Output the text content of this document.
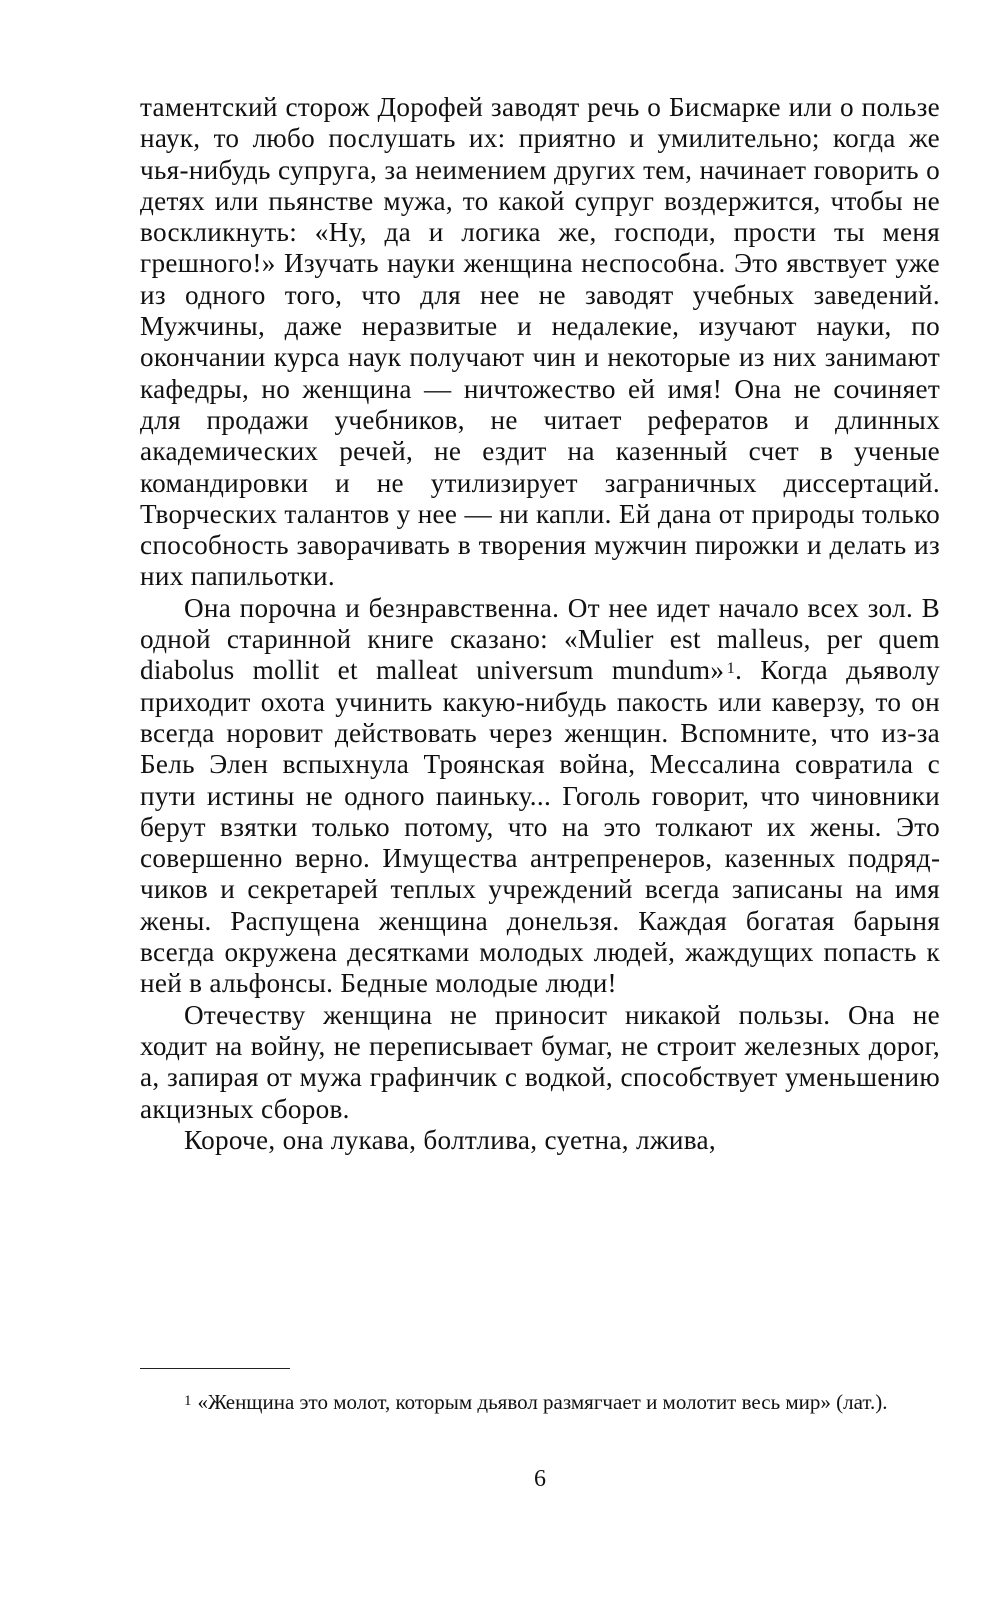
таментский сторож Дорофей заводят речь о Бисмарке или о пользе наук, то любо послушать их: приятно и умилительно; когда же чья-нибудь супруга, за неимением других тем, начинает говорить о детях или пьянстве мужа, то какой супруг воздержится, чтобы не воскликнуть: «Ну, да и логика же, господи, прости ты меня грешного!» Изучать науки женщина неспособна. Это явствует уже из одного того, что для нее не заводят учебных заведений. Мужчины, даже неразвитые и недалекие, изучают науки, по окончании курса наук получают чин и некоторые из них занимают кафедры, но женщина — ничтожество ей имя! Она не сочиняет для продажи учебников, не читает рефератов и длинных академических речей, не ездит на казенный счет в ученые командировки и не утилизирует заграничных диссертаций. Творческих талантов у нее — ни капли. Ей дана от природы только способность заворачивать в творения мужчин пирожки и делать из них папильотки.

Она порочна и безнравственна. От нее идет начало всех зол. В одной старинной книге сказано: «Mulier est malleus, per quem diabolus mollit et malleat universum mundum»  $^1$. Когда дьяволу приходит охота учинить какую-нибудь пакость или каверзу, то он всегда норовит действовать через женщин. Вспомните, что из-за Бель Элен вспыхнула Троянская война, Мессалина совратила с пути истины не одного паиньку... Гоголь говорит, что чиновники берут взятки только потому, что на это толкают их жены. Это совершенно верно. Имущества антрепренеров, казенных подрядчиков и секретарей теплых учреждений всегда записаны на имя жены. Распущена женщина донельзя. Каждая богатая барыня всегда окружена десятками молодых людей, жаждущих попасть к ней в альфонсы. Бедные молодые люди!

Отечеству женщина не приносит никакой пользы. Она не ходит на войну, не переписывает бумаг, не строит железных дорог, а, запирая от мужа графинчик с водкой, способствует уменьшению акцизных сборов.

Короче, она лукава, болтлива, суетна, лжива,

$^1$ «Женщина это молот, которым дьявол размягчает и молотит весь мир» (лат.).

6
